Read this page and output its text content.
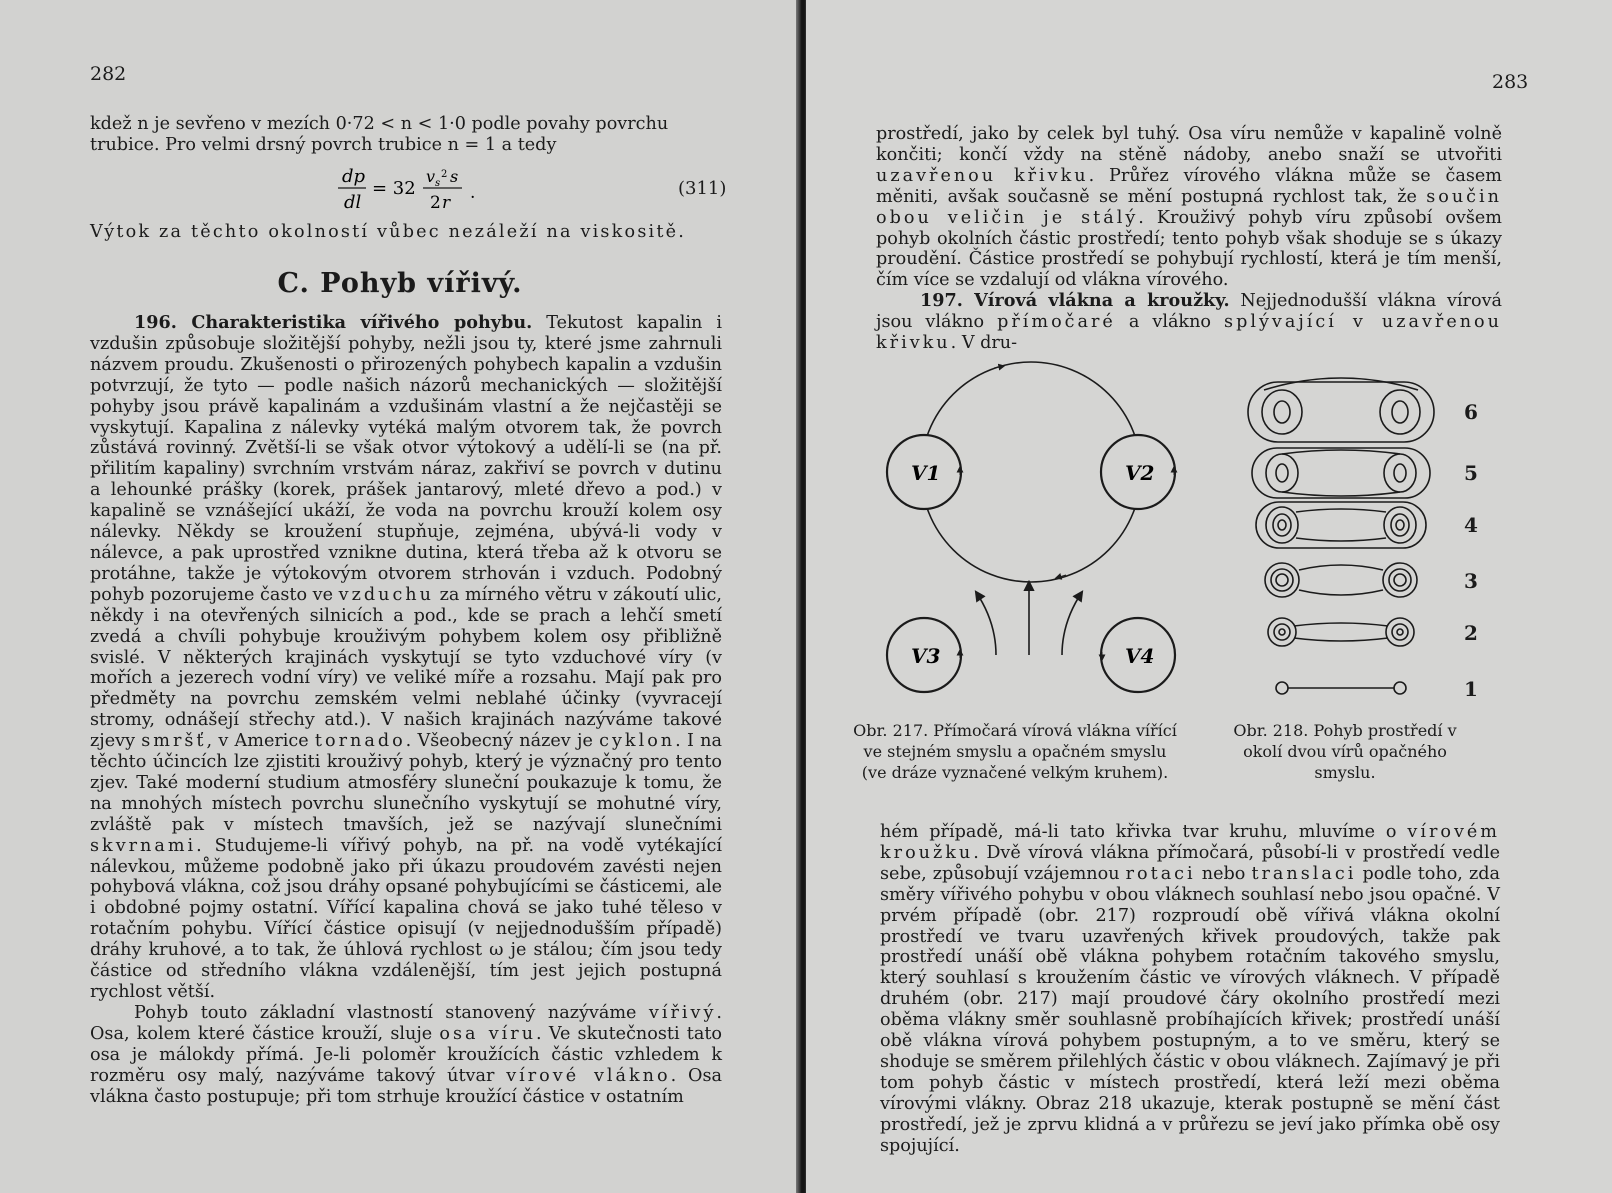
282

kdež n je sevřeno v mezích 0·72 < n < 1·0 podle povahy povrchu

trubice. Pro velmi drsný povrch trubice n = 1 a tedy

dp
dl
= 32
v s
2 s
2 r .	(311)
Výtok za těchto okolností vůbec nezáleží na viskositě.
C. Pohyb vířivý.

196. Charakteristika vířivého pohybu. Tekutost kapalin i vzdušin způsobuje složitější pohyby, nežli jsou ty, které jsme zahrnuli názvem proudu. Zkušenosti o přirozených pohybech kapalin a vzdušin potvrzují, že tyto — podle našich názorů mechanických — složitější pohyby jsou právě kapalinám a vzdušinám vlastní a že nejčastěji se vyskytují. Kapalina z nálevky vytéká malým otvorem tak, že povrch zůstává rovinný. Zvětší-li se však otvor výtokový a udělí-li se (na př. přilitím kapaliny) svrchním vrstvám náraz, zakřiví se povrch v dutinu a lehounké prášky (korek, prášek jantarový, mleté dřevo a pod.) v kapalině se vznášející ukáží, že voda na povrchu krouží kolem osy nálevky. Někdy se kroužení stupňuje, zejména, ubývá-li vody v nálevce, a pak uprostřed vznikne dutina, která třeba až k otvoru se protáhne, takže je výtokovým otvorem strhován i vzduch. Podobný pohyb pozorujeme často ve vzduchu za mírného větru v zákoutí ulic, někdy i na otevřených silnicích a pod., kde se prach a lehčí smetí zvedá a chvíli pohybuje krouživým pohybem kolem osy přibližně svislé. V některých krajinách vyskytují se tyto vzduchové víry (v mořích a jezerech vodní víry) ve veliké míře a rozsahu. Mají pak pro předměty na povrchu zemském velmi neblahé účinky (vyvracejí stromy, odnášejí střechy atd.). V našich krajinách nazýváme takové zjevy smršť, v Americe tornado. Všeobecný název je cyklon. I na těchto účincích lze zjistiti krouživý pohyb, který je význačný pro tento zjev. Také moderní studium atmosféry sluneční poukazuje k tomu, že na mnohých místech povrchu slunečního vyskytují se mohutné víry, zvláště pak v místech tmavších, jež se nazývají slunečními skvrnami. Studujeme-li vířivý pohyb, na př. na vodě vytékající nálevkou, můžeme podobně jako při úkazu proudovém zavésti nejen pohybová vlákna, což jsou dráhy opsané pohybujícími se částicemi, ale i obdobné pojmy ostatní. Vířící kapalina chová se jako tuhé těleso v rotačním pohybu. Vířící částice opisují (v nejjednodušším případě) dráhy kruhové, a to tak, že úhlová rychlost ω je stálou; čím jsou tedy částice od středního vlákna vzdálenější, tím jest jejich postupná rychlost větší.

Pohyb touto základní vlastností stanovený nazýváme vířivý. Osa, kolem které částice krouží, sluje osa víru. Ve skutečnosti tato osa je málokdy přímá. Je-li poloměr kroužících částic vzhledem k rozměru osy malý, nazýváme takový útvar vírové vlákno. Osa vlákna často postupuje; při tom strhuje kroužící částice v ostatním

283

prostředí, jako by celek byl tuhý. Osa víru nemůže v kapalině volně končiti; končí vždy na stěně nádoby, anebo snaží se utvořiti uzavřenou křivku. Průřez vírového vlákna může se časem měniti, avšak současně se mění postupná rychlost tak, že součin obou veličin je stálý. Krouživý pohyb víru způsobí ovšem pohyb okolních částic prostředí; tento pohyb však shoduje se s úkazy proudění. Částice prostředí se pohybují rychlostí, která je tím menší, čím více se vzdalují od vlákna vírového.

197. Vírová vlákna a kroužky. Nejjednodušší vlákna vírová jsou vlákno přímočaré a vlákno splývající v uzavřenou křivku. V dru-

V1	V2
V3	V4
Obr. 217. Přímočará vírová vlákna vířící ve stejném smyslu a opačném smyslu (ve dráze vyznačené velkým kruhem).
6
5
4
3
2
1
Obr. 218. Pohyb prostředí v okolí dvou vírů opačného smyslu.

hém případě, má-li tato křivka tvar kruhu, mluvíme o vírovém kroužku. Dvě vírová vlákna přímočará, působí-li v prostředí vedle sebe, způsobují vzájemnou rotaci nebo translaci podle toho, zda směry vířivého pohybu v obou vláknech souhlasí nebo jsou opačné. V prvém případě (obr. 217) rozproudí obě vířivá vlákna okolní prostředí ve tvaru uzavřených křivek proudových, takže pak prostředí unáší obě vlákna pohybem rotačním takového smyslu, který souhlasí s kroužením částic ve vírových vláknech. V případě druhém (obr. 217) mají proudové čáry okolního prostředí mezi oběma vlákny směr souhlasně probíhajících křivek; prostředí unáší obě vlákna vírová pohybem postupným, a to ve směru, který se shoduje se směrem přilehlých částic v obou vláknech. Zajímavý je při tom pohyb částic v místech prostředí, která leží mezi oběma vírovými vlákny. Obraz 218 ukazuje, kterak postupně se mění část prostředí, jež je zprvu klidná a v průřezu se jeví jako přímka obě osy spojující.
